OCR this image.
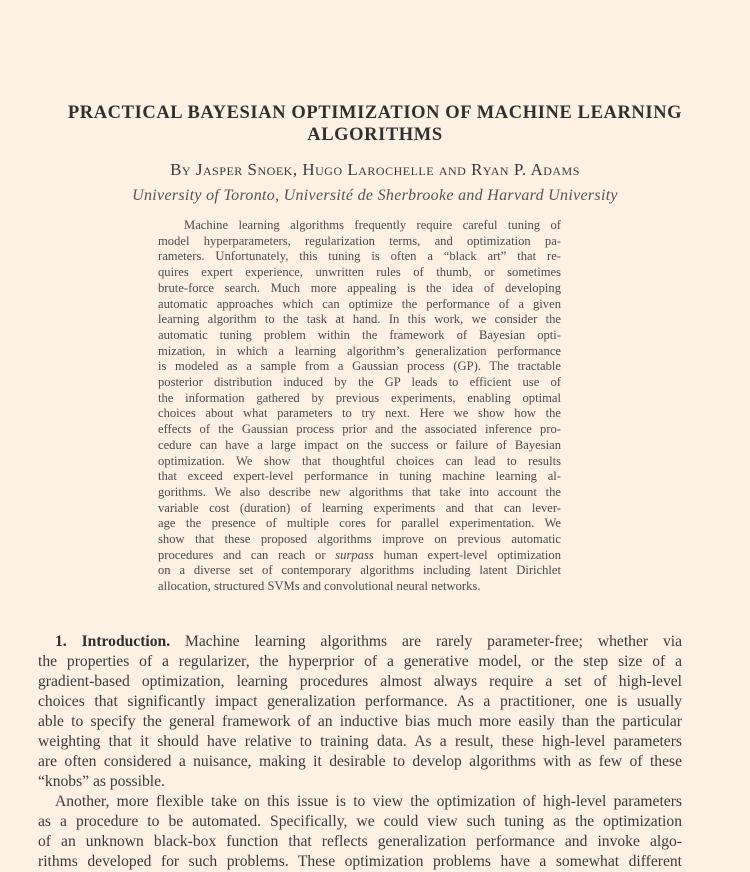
PRACTICAL BAYESIAN OPTIMIZATION OF MACHINE LEARNING
ALGORITHMS
By Jasper Snoek, Hugo Larochelle and Ryan P. Adams
University of Toronto, Université de Sherbrooke and Harvard University
Machine learning algorithms frequently require careful tuning of
model hyperparameters, regularization terms, and optimization pa-
rameters. Unfortunately, this tuning is often a “black art” that re-
quires expert experience, unwritten rules of thumb, or sometimes
brute-force search. Much more appealing is the idea of developing
automatic approaches which can optimize the performance of a given
learning algorithm to the task at hand. In this work, we consider the
automatic tuning problem within the framework of Bayesian opti-
mization, in which a learning algorithm’s generalization performance
is modeled as a sample from a Gaussian process (GP). The tractable
posterior distribution induced by the GP leads to efficient use of
the information gathered by previous experiments, enabling optimal
choices about what parameters to try next. Here we show how the
effects of the Gaussian process prior and the associated inference pro-
cedure can have a large impact on the success or failure of Bayesian
optimization. We show that thoughtful choices can lead to results
that exceed expert-level performance in tuning machine learning al-
gorithms. We also describe new algorithms that take into account the
variable cost (duration) of learning experiments and that can lever-
age the presence of multiple cores for parallel experimentation. We
show that these proposed algorithms improve on previous automatic
procedures and can reach or surpass human expert-level optimization
on a diverse set of contemporary algorithms including latent Dirichlet
allocation, structured SVMs and convolutional neural networks.
1. Introduction. Machine learning algorithms are rarely parameter-free; whether via
the properties of a regularizer, the hyperprior of a generative model, or the step size of a
gradient-based optimization, learning procedures almost always require a set of high-level
choices that significantly impact generalization performance. As a practitioner, one is usually
able to specify the general framework of an inductive bias much more easily than the particular
weighting that it should have relative to training data. As a result, these high-level parameters
are often considered a nuisance, making it desirable to develop algorithms with as few of these
“knobs” as possible.
Another, more flexible take on this issue is to view the optimization of high-level parameters
as a procedure to be automated. Specifically, we could view such tuning as the optimization
of an unknown black-box function that reflects generalization performance and invoke algo-
rithms developed for such problems. These optimization problems have a somewhat different
